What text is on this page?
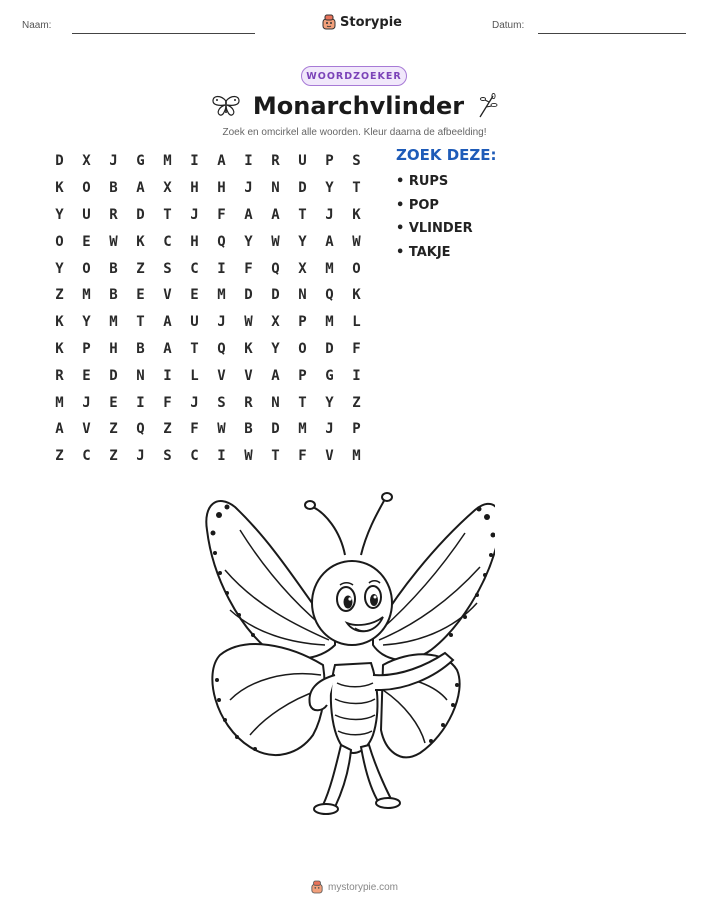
Naam:	Storypie	Datum:
WOORDZOEKER
Monarchvlinder
Zoek en omcirkel alle woorden. Kleur daarna de afbeelding!
D	X	J	G	M	I	A	I	R	U	P	S
K	O	B	A	X	H	H	J	N	D	Y	T
Y	U	R	D	T	J	F	A	A	T	J	K
O	E	W	K	C	H	Q	Y	W	Y	A	W
Y	O	B	Z	S	C	I	F	Q	X	M	O
Z	M	B	E	V	E	M	D	D	N	Q	K
K	Y	M	T	A	U	J	W	X	P	M	L
K	P	H	B	A	T	Q	K	Y	O	D	F
R	E	D	N	I	L	V	V	A	P	G	I
M	J	E	I	F	J	S	R	N	T	Y	Z
A	V	Z	Q	Z	F	W	B	D	M	J	P
Z	C	Z	J	S	C	I	W	T	F	V	M
ZOEK DEZE:
• RUPS
• POP
• VLINDER
• TAKJE
mystorypie.com
